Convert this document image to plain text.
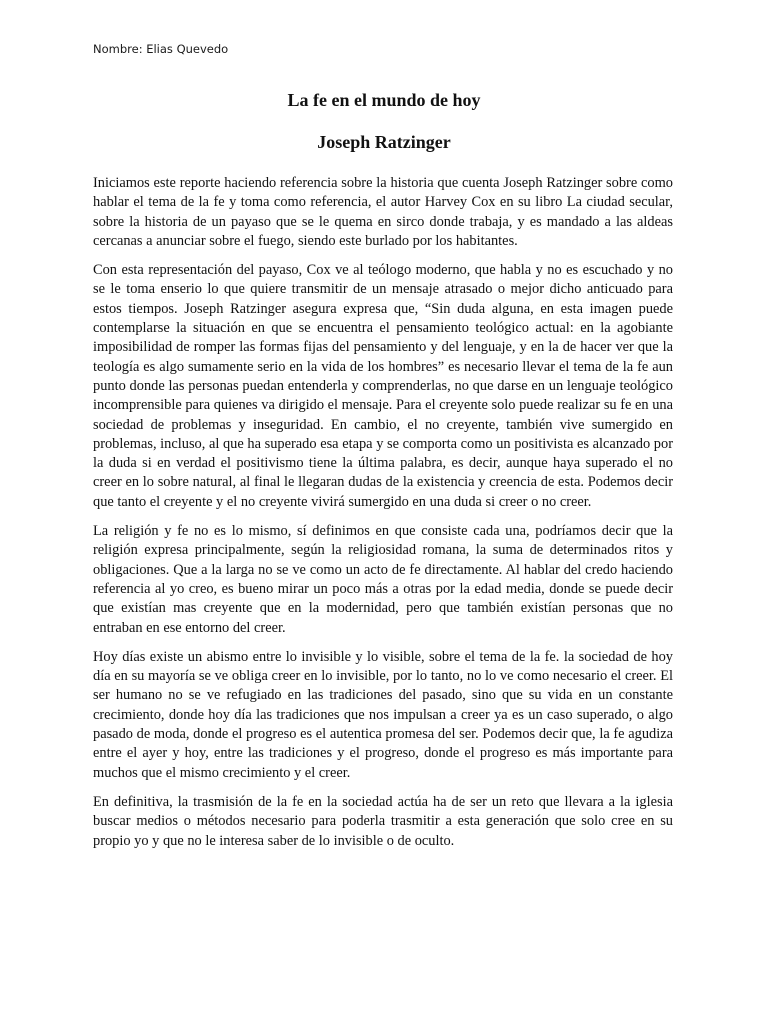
Nombre: Elias Quevedo

La fe en el mundo de hoy
Joseph Ratzinger

Iniciamos este reporte haciendo referencia sobre la historia que cuenta Joseph Ratzinger sobre como hablar el tema de la fe y toma como referencia, el autor Harvey Cox en su libro La ciudad secular, sobre la historia de un payaso que se le quema en sirco donde trabaja, y es mandado a las aldeas cercanas a anunciar sobre el fuego, siendo este burlado por los habitantes.

Con esta representación del payaso, Cox ve al teólogo moderno, que habla y no es escuchado y no se le toma enserio lo que quiere transmitir de un mensaje atrasado o mejor dicho anticuado para estos tiempos. Joseph Ratzinger asegura expresa que, “Sin duda alguna, en esta imagen puede contemplarse la situación en que se encuentra el pensamiento teológico actual: en la agobiante imposibilidad de romper las formas fijas del pensamiento y del lenguaje, y en la de hacer ver que la teología es algo sumamente serio en la vida de los hombres” es necesario llevar el tema de la fe aun punto donde las personas puedan entenderla y comprenderlas, no que darse en un lenguaje teológico incomprensible para quienes va dirigido el mensaje. Para el creyente solo puede realizar su fe en una sociedad de problemas y inseguridad. En cambio, el no creyente, también vive sumergido en problemas, incluso, al que ha superado esa etapa y se comporta como un positivista es alcanzado por la duda si en verdad el positivismo tiene la última palabra, es decir, aunque haya superado el no creer en lo sobre natural, al final le llegaran dudas de la existencia y creencia de esta. Podemos decir que tanto el creyente y el no creyente vivirá sumergido en una duda si creer o no creer.

La religión y fe no es lo mismo, sí definimos en que consiste cada una, podríamos decir que la religión expresa principalmente, según la religiosidad romana, la suma de determinados ritos y obligaciones. Que a la larga no se ve como un acto de fe directamente. Al hablar del credo haciendo referencia al yo creo, es bueno mirar un poco más a otras por la edad media, donde se puede decir que existían mas creyente que en la modernidad, pero que también existían personas que no entraban en ese entorno del creer.

Hoy días existe un abismo entre lo invisible y lo visible, sobre el tema de la fe. la sociedad de hoy día en su mayoría se ve obliga creer en lo invisible, por lo tanto, no lo ve como necesario el creer. El ser humano no se ve refugiado en las tradiciones del pasado, sino que su vida en un constante crecimiento, donde hoy día las tradiciones que nos impulsan a creer ya es un caso superado, o algo pasado de moda, donde el progreso es el autentica promesa del ser. Podemos decir que, la fe agudiza entre el ayer y hoy, entre las tradiciones y el progreso, donde el progreso es más importante para muchos que el mismo crecimiento y el creer.

En definitiva, la trasmisión de la fe en la sociedad actúa ha de ser un reto que llevara a la iglesia buscar medios o métodos necesario para poderla trasmitir a esta generación que solo cree en su propio yo y que no le interesa saber de lo invisible o de oculto.
